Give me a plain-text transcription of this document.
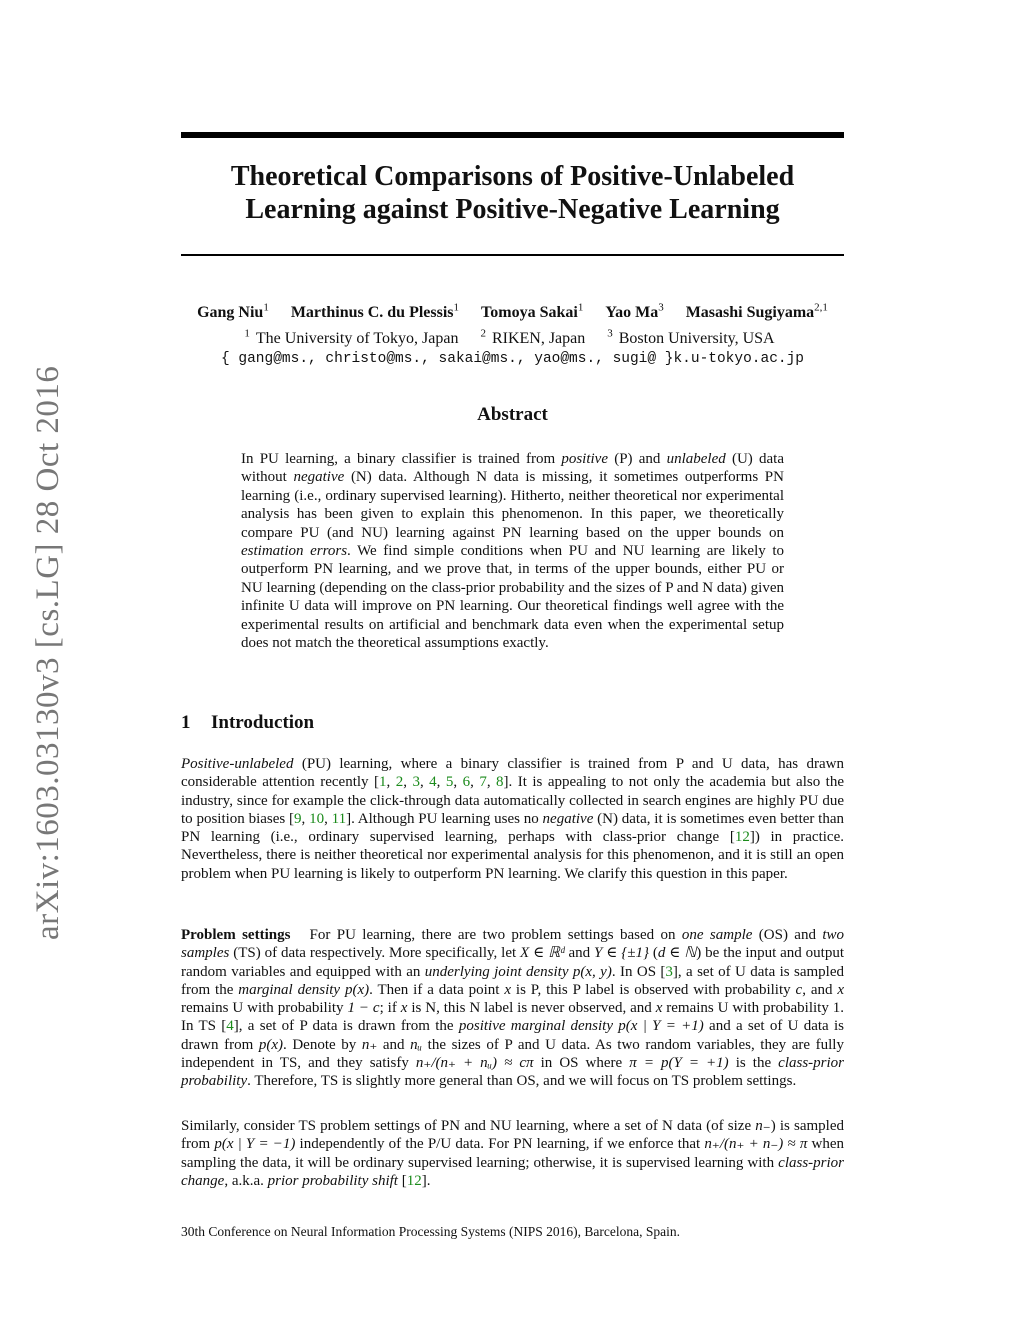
arXiv:1603.03130v3 [cs.LG] 28 Oct 2016
Theoretical Comparisons of Positive-Unlabeled
Learning against Positive-Negative Learning
Gang Niu$^1$ Marthinus C. du Plessis$^1$ Tomoya Sakai$^1$ Yao Ma$^3$ Masashi Sugiyama$^{2,1}$
$^1$ The University of Tokyo, Japan $^2$ RIKEN, Japan $^3$ Boston University, USA
{ gang@ms., christo@ms., sakai@ms., yao@ms., sugi@ }k.u-tokyo.ac.jp
Abstract
In PU learning, a binary classifier is trained from positive (P) and unlabeled (U) data without negative (N) data. Although N data is missing, it sometimes outperforms PN learning (i.e., ordinary supervised learning). Hitherto, neither theoretical nor experimental analysis has been given to explain this phenomenon. In this paper, we theoretically compare PU (and NU) learning against PN learning based on the upper bounds on estimation errors. We find simple conditions when PU and NU learning are likely to outperform PN learning, and we prove that, in terms of the upper bounds, either PU or NU learning (depending on the class-prior probability and the sizes of P and N data) given infinite U data will improve on PN learning. Our theoretical findings well agree with the experimental results on artificial and benchmark data even when the experimental setup does not match the theoretical assumptions exactly.
1 Introduction

Positive-unlabeled (PU) learning, where a binary classifier is trained from P and U data, has drawn considerable attention recently [1, 2, 3, 4, 5, 6, 7, 8]. It is appealing to not only the academia but also the industry, since for example the click-through data automatically collected in search engines are highly PU due to position biases [9, 10, 11]. Although PU learning uses no negative (N) data, it is sometimes even better than PN learning (i.e., ordinary supervised learning, perhaps with class-prior change [12]) in practice. Nevertheless, there is neither theoretical nor experimental analysis for this phenomenon, and it is still an open problem when PU learning is likely to outperform PN learning. We clarify this question in this paper.

Problem settings For PU learning, there are two problem settings based on one sample (OS) and two samples (TS) of data respectively. More specifically, let X ∈ ℝᵈ and Y ∈ {±1} (d ∈ ℕ) be the input and output random variables and equipped with an underlying joint density p(x, y). In OS [3], a set of U data is sampled from the marginal density p(x). Then if a data point x is P, this P label is observed with probability c, and x remains U with probability 1 − c; if x is N, this N label is never observed, and x remains U with probability 1. In TS [4], a set of P data is drawn from the positive marginal density p(x | Y = +1) and a set of U data is drawn from p(x). Denote by n₊ and nᵤ the sizes of P and U data. As two random variables, they are fully independent in TS, and they satisfy n₊/(n₊ + nᵤ) ≈ cπ in OS where π = p(Y = +1) is the class-prior probability. Therefore, TS is slightly more general than OS, and we will focus on TS problem settings.

Similarly, consider TS problem settings of PN and NU learning, where a set of N data (of size n₋) is sampled from p(x | Y = −1) independently of the P/U data. For PN learning, if we enforce that n₊/(n₊ + n₋) ≈ π when sampling the data, it will be ordinary supervised learning; otherwise, it is supervised learning with class-prior change, a.k.a. prior probability shift [12].

30th Conference on Neural Information Processing Systems (NIPS 2016), Barcelona, Spain.
